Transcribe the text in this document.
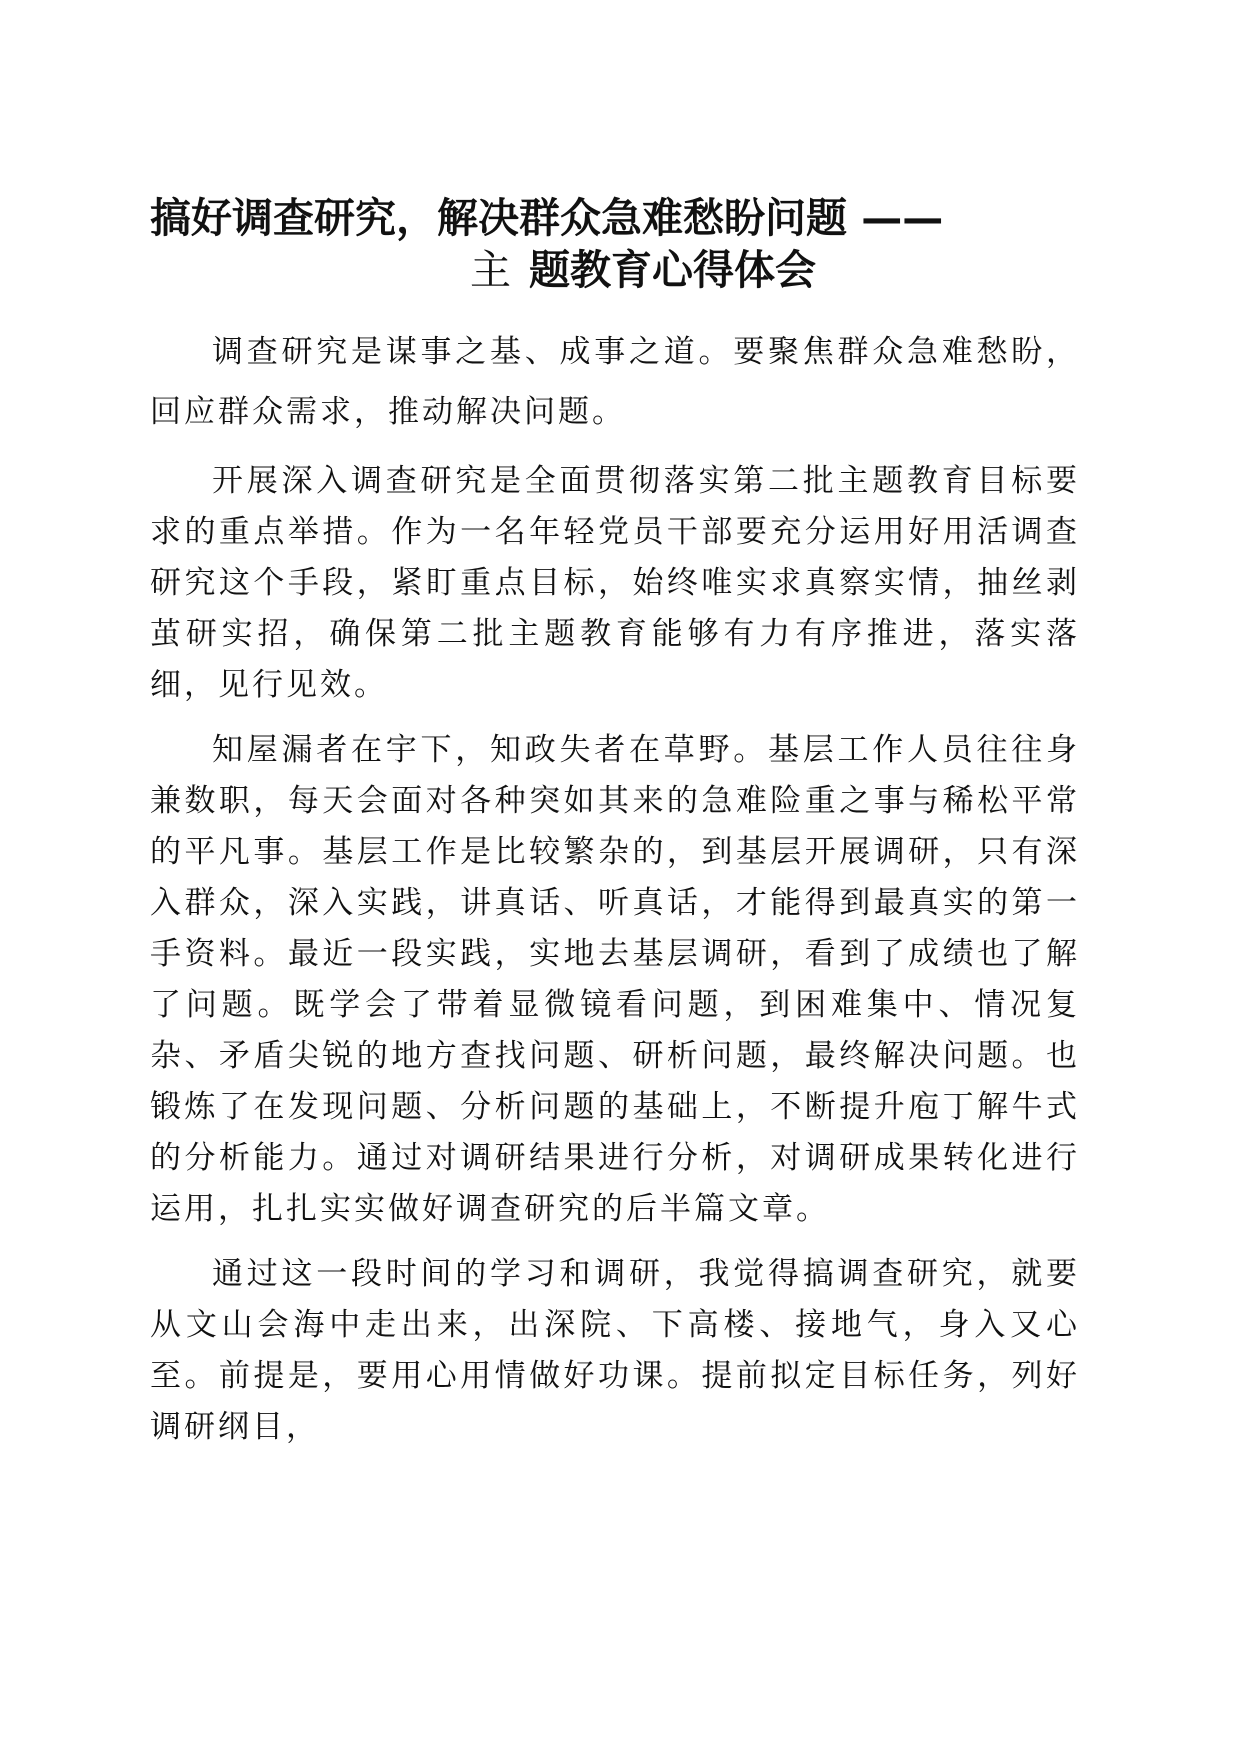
搞好调查研究，解决群众急难愁盼问题 ——
主 题教育心得体会

调查研究是谋事之基、成事之道。要聚焦群众急难愁盼，回应群众需求，推动解决问题。

开展深入调查研究是全面贯彻落实第二批主题教育目标要求的重点举措。作为一名年轻党员干部要充分运用好用活调查研究这个手段，紧盯重点目标，始终唯实求真察实情，抽丝剥茧研实招，确保第二批主题教育能够有力有序推进，落实落细，见行见效。

知屋漏者在宇下，知政失者在草野。基层工作人员往往身兼数职，每天会面对各种突如其来的急难险重之事与稀松平常的平凡事。基层工作是比较繁杂的，到基层开展调研，只有深入群众，深入实践，讲真话、听真话，才能得到最真实的第一手资料。最近一段实践，实地去基层调研，看到了成绩也了解了问题。既学会了带着显微镜看问题，到困难集中、情况复杂、矛盾尖锐的地方查找问题、研析问题，最终解决问题。也锻炼了在发现问题、分析问题的基础上，不断提升庖丁解牛式的分析能力。通过对调研结果进行分析，对调研成果转化进行运用，扎扎实实做好调查研究的后半篇文章。

通过这一段时间的学习和调研，我觉得搞调查研究，就要从文山会海中走出来，出深院、下高楼、接地气，身入又心至。前提是，要用心用情做好功课。提前拟定目标任务，列好调研纲目，
